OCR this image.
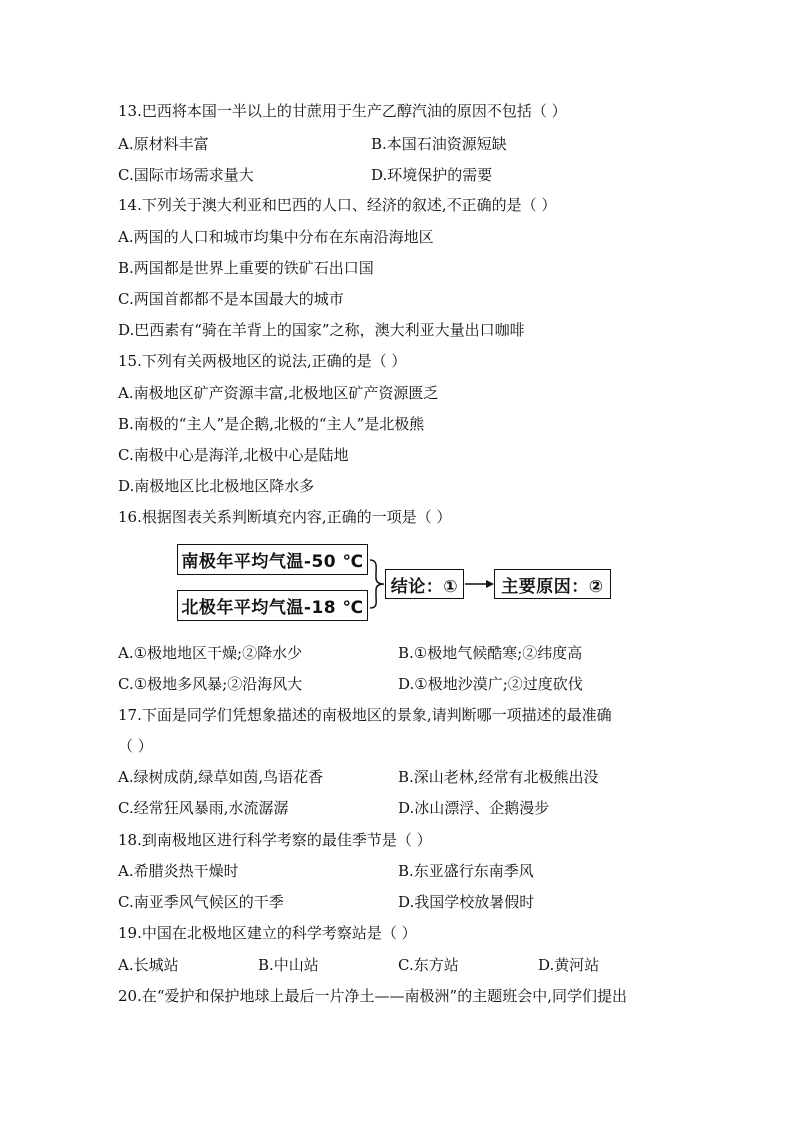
13.巴西将本国一半以上的甘蔗用于生产乙醇汽油的原因不包括（ ）
A.原材料丰富	B.本国石油资源短缺
C.国际市场需求量大	D.环境保护的需要
14.下列关于澳大利亚和巴西的人口、经济的叙述,不正确的是（ ）
A.两国的人口和城市均集中分布在东南沿海地区
B.两国都是世界上重要的铁矿石出口国
C.两国首都都不是本国最大的城市
D.巴西素有“骑在羊背上的国家”之称，澳大利亚大量出口咖啡
15.下列有关两极地区的说法,正确的是（ ）
A.南极地区矿产资源丰富,北极地区矿产资源匮乏
B.南极的“主人”是企鹅,北极的“主人”是北极熊
C.南极中心是海洋,北极中心是陆地
D.南极地区比北极地区降水多
16.根据图表关系判断填充内容,正确的一项是（ ）
南极年平均气温-50 ℃
北极年平均气温-18 ℃
结论：①	主要原因：②
A.①极地地区干燥;②降水少	B.①极地气候酷寒;②纬度高
C.①极地多风暴;②沿海风大	D.①极地沙漠广;②过度砍伐
17.下面是同学们凭想象描述的南极地区的景象,请判断哪一项描述的最准确
（ ）
A.绿树成荫,绿草如茵,鸟语花香	B.深山老林,经常有北极熊出没
C.经常狂风暴雨,水流潺潺	D.冰山漂浮、企鹅漫步
18.到南极地区进行科学考察的最佳季节是（ ）
A.希腊炎热干燥时	B.东亚盛行东南季风
C.南亚季风气候区的干季	D.我国学校放暑假时
19.中国在北极地区建立的科学考察站是（ ）
A.长城站	B.中山站	C.东方站	D.黄河站
20.在“爱护和保护地球上最后一片净土——南极洲”的主题班会中,同学们提出
